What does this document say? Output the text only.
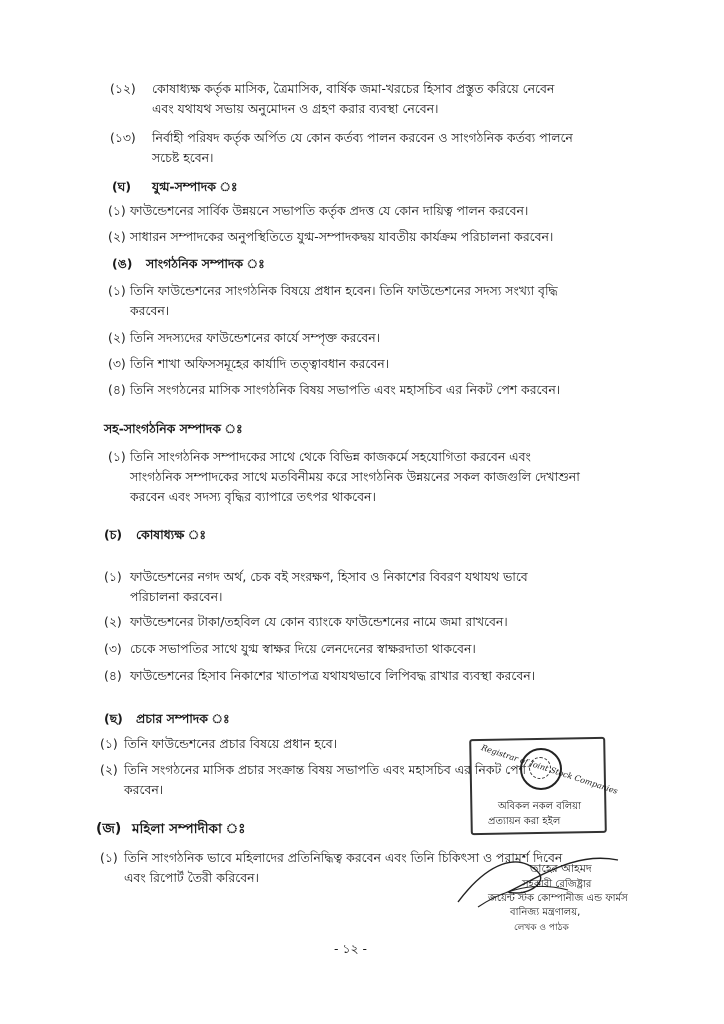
(১২) কোষাধ্যক্ষ কর্তৃক মাসিক, ত্রৈমাসিক, বার্ষিক জমা-খরচের হিসাব প্রস্তুত করিয়ে নেবেন
এবং যথাযথ সভায় অনুমোদন ও গ্রহণ করার ব্যবস্থা নেবেন।
(১৩) নির্বাহী পরিষদ কর্তৃক অর্পিত যে কোন কর্তব্য পালন করবেন ও সাংগঠনিক কর্তব্য পালনে
সচেষ্ট হবেন।
(ঘ) যুগ্ম-সম্পাদক ঃ
(১) ফাউন্ডেশনের সার্বিক উন্নয়নে সভাপতি কর্তৃক প্রদত্ত যে কোন দায়িত্ব পালন করবেন।
(২) সাধারন সম্পাদকের অনুপস্থিতিতে যুগ্ম-সম্পাদকদ্বয় যাবতীয় কার্যক্রম পরিচালনা করবেন।
(ঙ) সাংগঠনিক সম্পাদক ঃ
(১) তিনি ফাউন্ডেশনের সাংগঠনিক বিষয়ে প্রধান হবেন। তিনি ফাউন্ডেশনের সদস্য সংখ্যা বৃদ্ধি
করবেন।
(২) তিনি সদস্যদের ফাউন্ডেশনের কার্যে সম্পৃক্ত করবেন।
(৩) তিনি শাখা অফিসসমূহের কার্যাদি তত্ত্বাবধান করবেন।
(৪) তিনি সংগঠনের মাসিক সাংগঠনিক বিষয় সভাপতি এবং মহাসচিব এর নিকট পেশ করবেন।
সহ-সাংগঠনিক সম্পাদক ঃ
(১) তিনি সাংগঠনিক সম্পাদকের সাথে থেকে বিভিন্ন কাজকর্মে সহযোগিতা করবেন এবং
সাংগঠনিক সম্পাদকের সাথে মতবিনীময় করে সাংগঠনিক উন্নয়নের সকল কাজগুলি দেখাশুনা
করবেন এবং সদস্য বৃদ্ধির ব্যাপারে তৎপর থাকবেন।
(চ) কোষাধ্যক্ষ ঃ
(১) ফাউন্ডেশনের নগদ অর্থ, চেক বই সংরক্ষণ, হিসাব ও নিকাশের বিবরণ যথাযথ ভাবে
পরিচালনা করবেন।
(২) ফাউন্ডেশনের টাকা/তহবিল যে কোন ব্যাংকে ফাউন্ডেশনের নামে জমা রাখবেন।
(৩) চেকে সভাপতির সাথে যুগ্ম স্বাক্ষর দিয়ে লেনদেনের স্বাক্ষরদাতা থাকবেন।
(৪) ফাউন্ডেশনের হিসাব নিকাশের খাতাপত্র যথাযথভাবে লিপিবদ্ধ রাখার ব্যবস্থা করবেন।
(ছ) প্রচার সম্পাদক ঃ
(১) তিনি ফাউন্ডেশনের প্রচার বিষয়ে প্রধান হবে।
(২) তিনি সংগঠনের মাসিক প্রচার সংক্রান্ত বিষয় সভাপতি এবং মহাসচিব এর নিকট পেশ
করবেন।
(জ) মহিলা সম্পাদীকা ঃ
(১) তিনি সাংগঠনিক ভাবে মহিলাদের প্রতিনিদ্ধিত্ব করবেন এবং তিনি চিকিৎসা ও পরামর্শ দিবেন
এবং রিপোর্ট তৈরী করিবেন।
Registrar of Joint Stock Companies
অবিকল নকল বলিয়া
প্রত্যায়ন করা হইল
তাহের আহমদ
সহকারী রেজিষ্ট্রার
জয়েন্ট স্টক কোম্পানীজ এন্ড ফার্মস
বানিজ্য মন্ত্রণালয়,
লেখক ও পাঠক
- ১২ -
